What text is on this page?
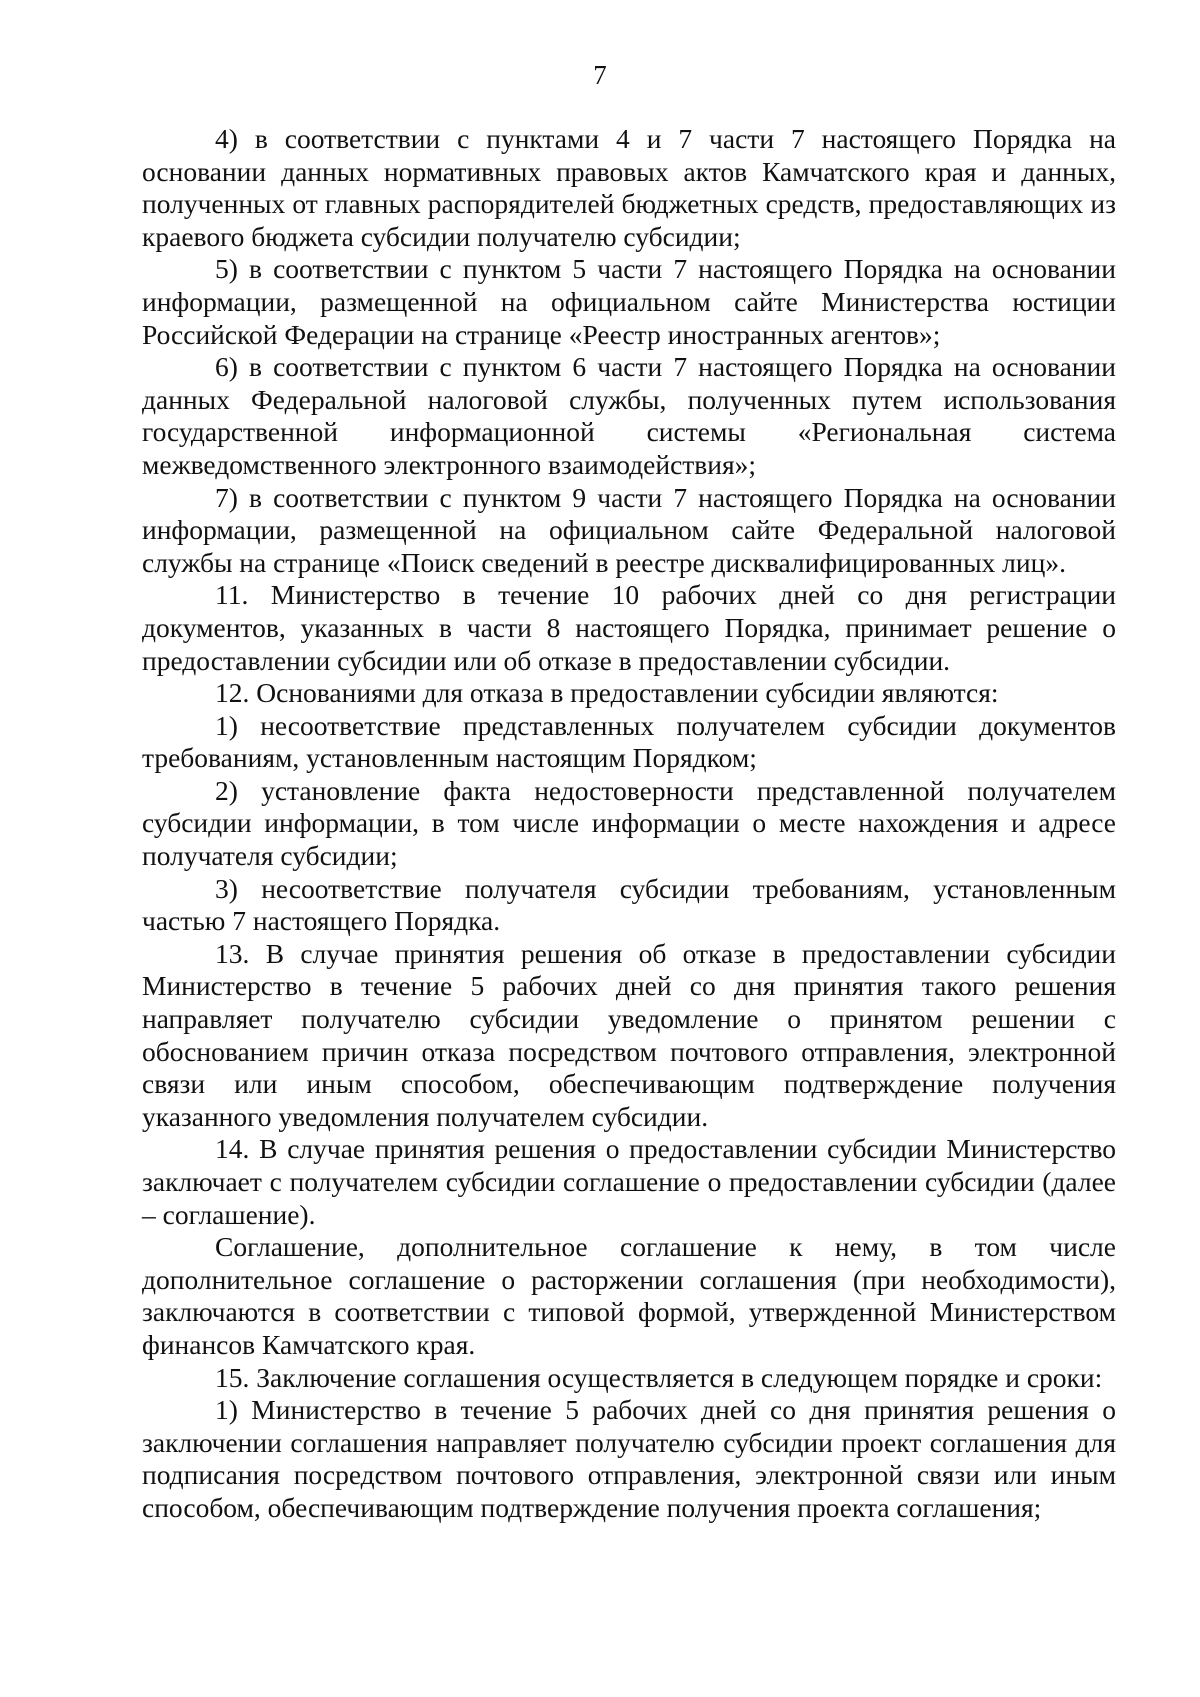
7

4) в соответствии с пунктами 4 и 7 части 7 настоящего Порядка на основании данных нормативных правовых актов Камчатского края и данных, полученных от главных распорядителей бюджетных средств, предоставляющих из краевого бюджета субсидии получателю субсидии;

5) в соответствии с пунктом 5 части 7 настоящего Порядка на основании информации, размещенной на официальном сайте Министерства юстиции Российской Федерации на странице «Реестр иностранных агентов»;

6) в соответствии с пунктом 6 части 7 настоящего Порядка на основании данных Федеральной налоговой службы, полученных путем использования государственной информационной системы «Региональная система межведомственного электронного взаимодействия»;

7) в соответствии с пунктом 9 части 7 настоящего Порядка на основании информации, размещенной на официальном сайте Федеральной налоговой службы на странице «Поиск сведений в реестре дисквалифицированных лиц».

11. Министерство в течение 10 рабочих дней со дня регистрации документов, указанных в части 8 настоящего Порядка, принимает решение о предоставлении субсидии или об отказе в предоставлении субсидии.

12. Основаниями для отказа в предоставлении субсидии являются:

1) несоответствие представленных получателем субсидии документов требованиям, установленным настоящим Порядком;

2) установление факта недостоверности представленной получателем субсидии информации, в том числе информации о месте нахождения и адресе получателя субсидии;

3) несоответствие получателя субсидии требованиям, установленным частью 7 настоящего Порядка.

13. В случае принятия решения об отказе в предоставлении субсидии Министерство в течение 5 рабочих дней со дня принятия такого решения направляет получателю субсидии уведомление о принятом решении с обоснованием причин отказа посредством почтового отправления, электронной связи или иным способом, обеспечивающим подтверждение получения указанного уведомления получателем субсидии.

14. В случае принятия решения о предоставлении субсидии Министерство заключает с получателем субсидии соглашение о предоставлении субсидии (далее – соглашение).

Соглашение, дополнительное соглашение к нему, в том числе дополнительное соглашение о расторжении соглашения (при необходимости), заключаются в соответствии с типовой формой, утвержденной Министерством финансов Камчатского края.

15. Заключение соглашения осуществляется в следующем порядке и сроки:

1) Министерство в течение 5 рабочих дней со дня принятия решения о заключении соглашения направляет получателю субсидии проект соглашения для подписания посредством почтового отправления, электронной связи или иным способом, обеспечивающим подтверждение получения проекта соглашения;
